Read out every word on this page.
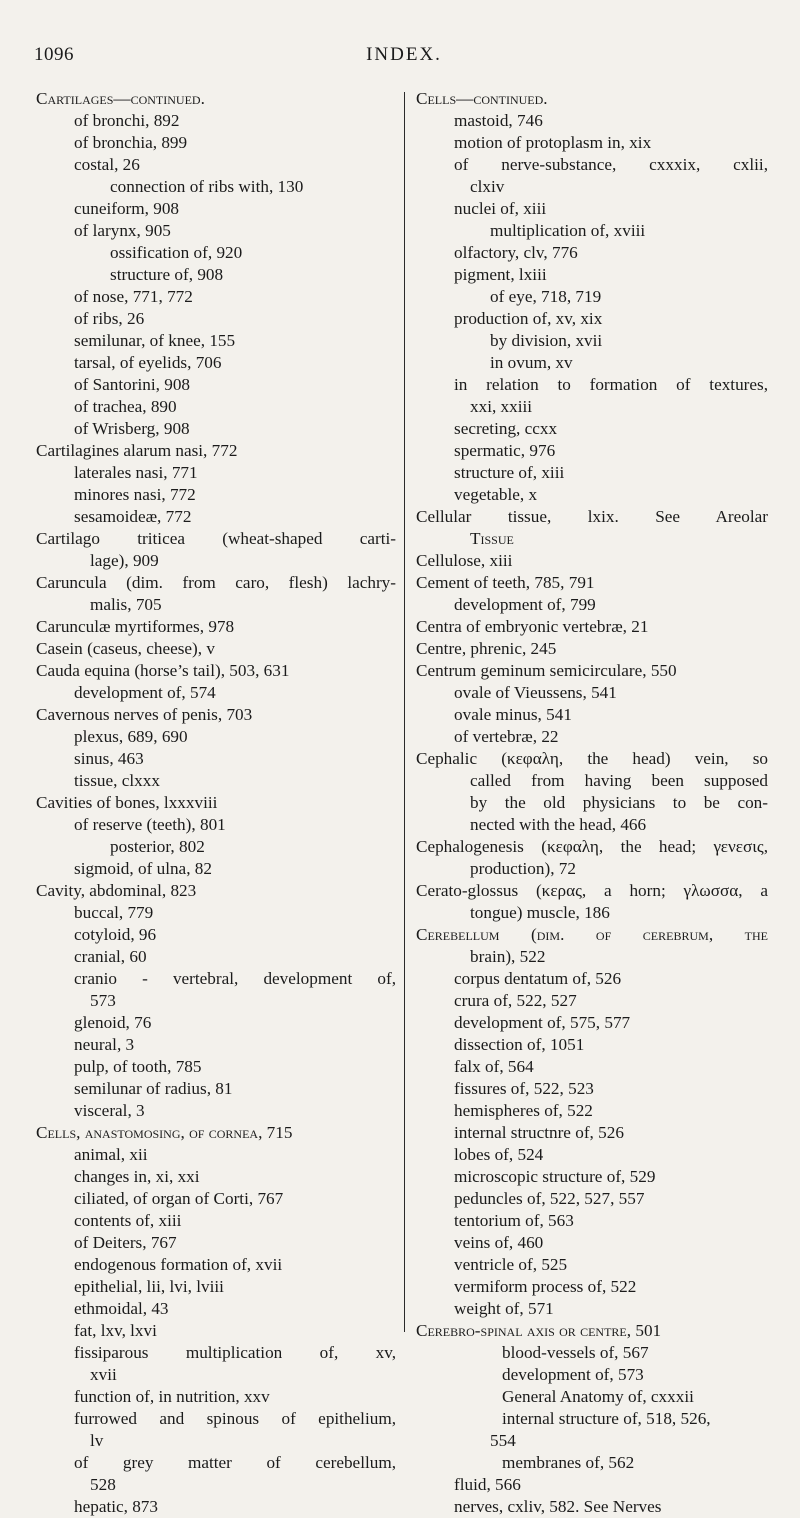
1096	INDEX.
Cartilages—continued.
of bronchi, 892
of bronchia, 899
costal, 26
connection of ribs with, 130
cuneiform, 908
of larynx, 905
ossification of, 920
structure of, 908
of nose, 771, 772
of ribs, 26
semilunar, of knee, 155
tarsal, of eyelids, 706
of Santorini, 908
of trachea, 890
of Wrisberg, 908
Cartilagines alarum nasi, 772
laterales nasi, 771
minores nasi, 772
sesamoideæ, 772
Cartilago triticea (wheat-shaped carti-
lage), 909
Caruncula (dim. from caro, flesh) lachry-
malis, 705
Carunculæ myrtiformes, 978
Casein (caseus, cheese), v
Cauda equina (horse’s tail), 503, 631
development of, 574
Cavernous nerves of penis, 703
plexus, 689, 690
sinus, 463
tissue, clxxx
Cavities of bones, lxxxviii
of reserve (teeth), 801
posterior, 802
sigmoid, of ulna, 82
Cavity, abdominal, 823
buccal, 779
cotyloid, 96
cranial, 60
cranio - vertebral, development of,
573
glenoid, 76
neural, 3
pulp, of tooth, 785
semilunar of radius, 81
visceral, 3
Cells, anastomosing, of cornea, 715
animal, xii
changes in, xi, xxi
ciliated, of organ of Corti, 767
contents of, xiii
of Deiters, 767
endogenous formation of, xvii
epithelial, lii, lvi, lviii
ethmoidal, 43
fat, lxv, lxvi
fissiparous multiplication of, xv,
xvii
function of, in nutrition, xxv
furrowed and spinous of epithelium,
lv
of grey matter of cerebellum,
528
hepatic, 873
Cells—continued.
mastoid, 746
motion of protoplasm in, xix
of nerve-substance, cxxxix, cxlii,
clxiv
nuclei of, xiii
multiplication of, xviii
olfactory, clv, 776
pigment, lxiii
of eye, 718, 719
production of, xv, xix
by division, xvii
in ovum, xv
in relation to formation of textures,
xxi, xxiii
secreting, ccxx
spermatic, 976
structure of, xiii
vegetable, x
Cellular tissue, lxix. See Areolar
Tissue
Cellulose, xiii
Cement of teeth, 785, 791
development of, 799
Centra of embryonic vertebræ, 21
Centre, phrenic, 245
Centrum geminum semicirculare, 550
ovale of Vieussens, 541
ovale minus, 541
of vertebræ, 22
Cephalic (κεφαλη, the head) vein, so
called from having been supposed
by the old physicians to be con-
nected with the head, 466
Cephalogenesis (κεφαλη, the head; γενεσις,
production), 72
Cerato-glossus (κερας, a horn; γλωσσα, a
tongue) muscle, 186
Cerebellum (dim. of cerebrum, the
brain), 522
corpus dentatum of, 526
crura of, 522, 527
development of, 575, 577
dissection of, 1051
falx of, 564
fissures of, 522, 523
hemispheres of, 522
internal structnre of, 526
lobes of, 524
microscopic structure of, 529
peduncles of, 522, 527, 557
tentorium of, 563
veins of, 460
ventricle of, 525
vermiform process of, 522
weight of, 571
Cerebro-spinal axis or centre, 501
blood-vessels of, 567
development of, 573
General Anatomy of, cxxxii
internal structure of, 518, 526,
554
membranes of, 562
fluid, 566
nerves, cxliv, 582. See Nerves
